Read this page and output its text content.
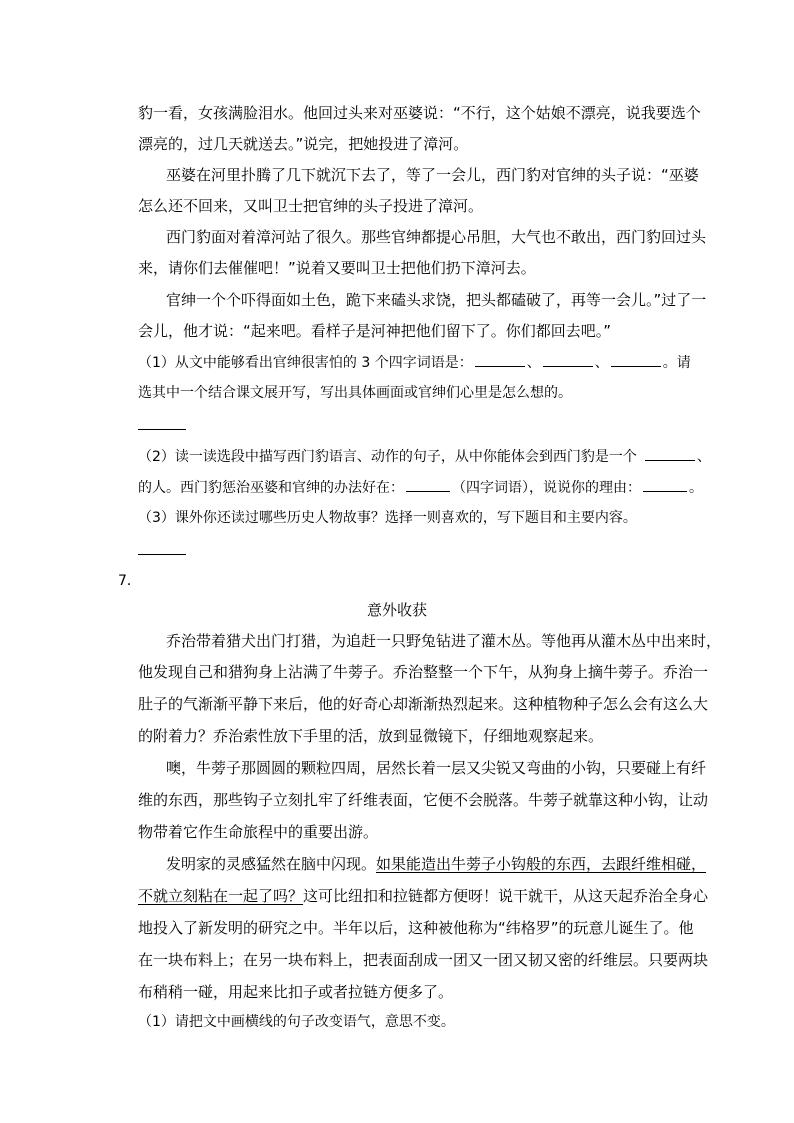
豹一看，女孩满脸泪水。他回过头来对巫婆说：“不行，这个姑娘不漂亮，说我要选个
漂亮的，过几天就送去。”说完，把她投进了漳河。
巫婆在河里扑腾了几下就沉下去了，等了一会儿，西门豹对官绅的头子说：“巫婆
怎么还不回来，又叫卫士把官绅的头子投进了漳河。
西门豹面对着漳河站了很久。那些官绅都提心吊胆，大气也不敢出，西门豹回过头
来，请你们去催催吧！”说着又要叫卫士把他们扔下漳河去。
官绅一个个吓得面如土色，跪下来磕头求饶，把头都磕破了，再等一会儿。”过了一
会儿，他才说：“起来吧。看样子是河神把他们留下了。你们都回去吧。”
（1）从文中能够看出官绅很害怕的 3 个四字词语是：	、	、	。请
选其中一个结合课文展开写，写出具体画面或官绅们心里是怎么想的。
（2）读一读选段中描写西门豹语言、动作的句子，从中你能体会到西门豹是一个	、
的人。西门豹惩治巫婆和官绅的办法好在：	（四字词语），说说你的理由：	。
（3）课外你还读过哪些历史人物故事？选择一则喜欢的，写下题目和主要内容。
7．
意外收获
乔治带着猎犬出门打猎，为追赶一只野兔钻进了灌木丛。等他再从灌木丛中出来时，
他发现自己和猎狗身上沾满了牛蒡子。乔治整整一个下午，从狗身上摘牛蒡子。乔治一
肚子的气渐渐平静下来后，他的好奇心却渐渐热烈起来。这种植物种子怎么会有这么大
的附着力？乔治索性放下手里的活，放到显微镜下，仔细地观察起来。
噢，牛蒡子那圆圆的颗粒四周，居然长着一层又尖锐又弯曲的小钩，只要碰上有纤
维的东西，那些钩子立刻扎牢了纤维表面，它便不会脱落。牛蒡子就靠这种小钩，让动
物带着它作生命旅程中的重要出游。
发明家的灵感猛然在脑中闪现。如果能造出牛蒡子小钩般的东西，去跟纤维相碰，
不就立刻粘在一起了吗？这可比纽扣和拉链都方便呀！说干就干，从这天起乔治全身心
地投入了新发明的研究之中。半年以后，这种被他称为“纬格罗”的玩意儿诞生了。他
在一块布料上；在另一块布料上，把表面刮成一团又一团又韧又密的纤维层。只要两块
布稍稍一碰，用起来比扣子或者拉链方便多了。
（1）请把文中画横线的句子改变语气，意思不变。
